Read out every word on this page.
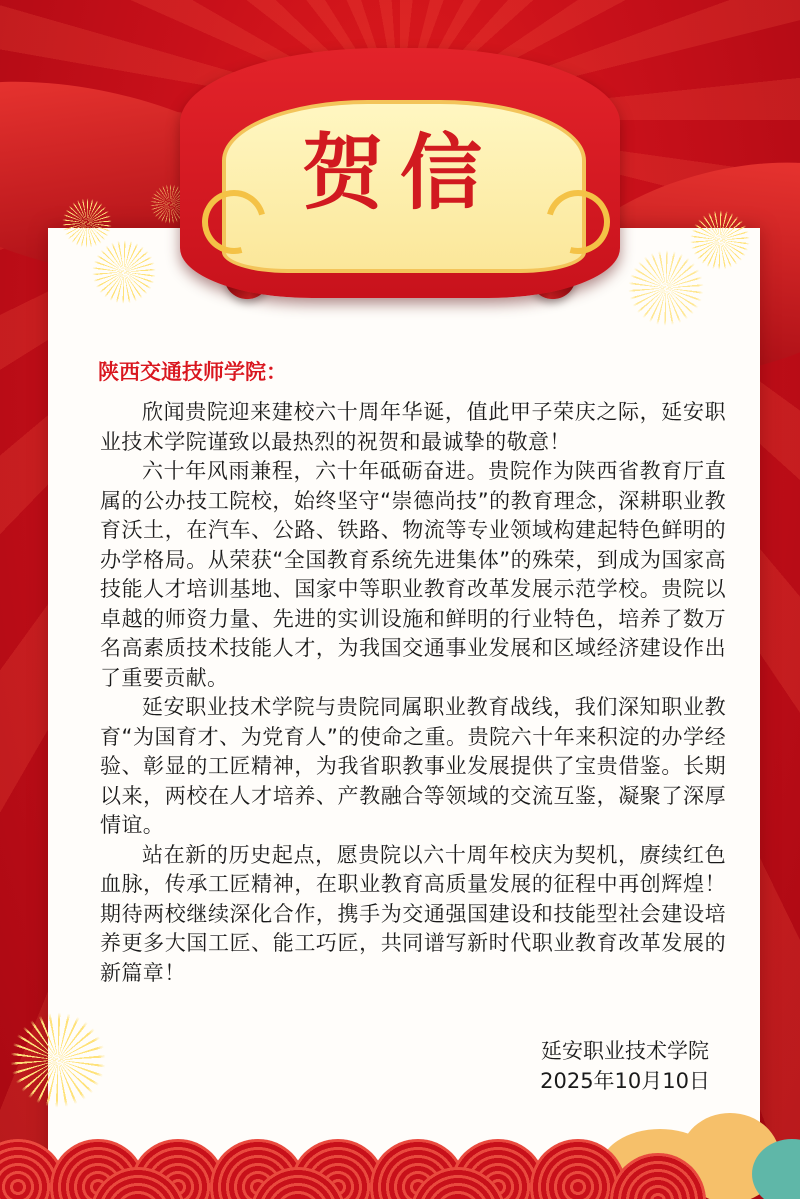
贺信
陕西交通技师学院：

欣闻贵院迎来建校六十周年华诞，值此甲子荣庆之际，延安职业技术学院谨致以最热烈的祝贺和最诚挚的敬意！

六十年风雨兼程，六十年砥砺奋进。贵院作为陕西省教育厅直属的公办技工院校，始终坚守“崇德尚技”的教育理念，深耕职业教育沃土，在汽车、公路、铁路、物流等专业领域构建起特色鲜明的办学格局。从荣获“全国教育系统先进集体”的殊荣，到成为国家高技能人才培训基地、国家中等职业教育改革发展示范学校。贵院以卓越的师资力量、先进的实训设施和鲜明的行业特色，培养了数万名高素质技术技能人才，为我国交通事业发展和区域经济建设作出了重要贡献。

延安职业技术学院与贵院同属职业教育战线，我们深知职业教育“为国育才、为党育人”的使命之重。贵院六十年来积淀的办学经验、彰显的工匠精神，为我省职教事业发展提供了宝贵借鉴。长期以来，两校在人才培养、产教融合等领域的交流互鉴，凝聚了深厚情谊。

站在新的历史起点，愿贵院以六十周年校庆为契机，赓续红色血脉，传承工匠精神，在职业教育高质量发展的征程中再创辉煌！期待两校继续深化合作，携手为交通强国建设和技能型社会建设培养更多大国工匠、能工巧匠，共同谱写新时代职业教育改革发展的新篇章！

延安职业技术学院
2025年10月10日
